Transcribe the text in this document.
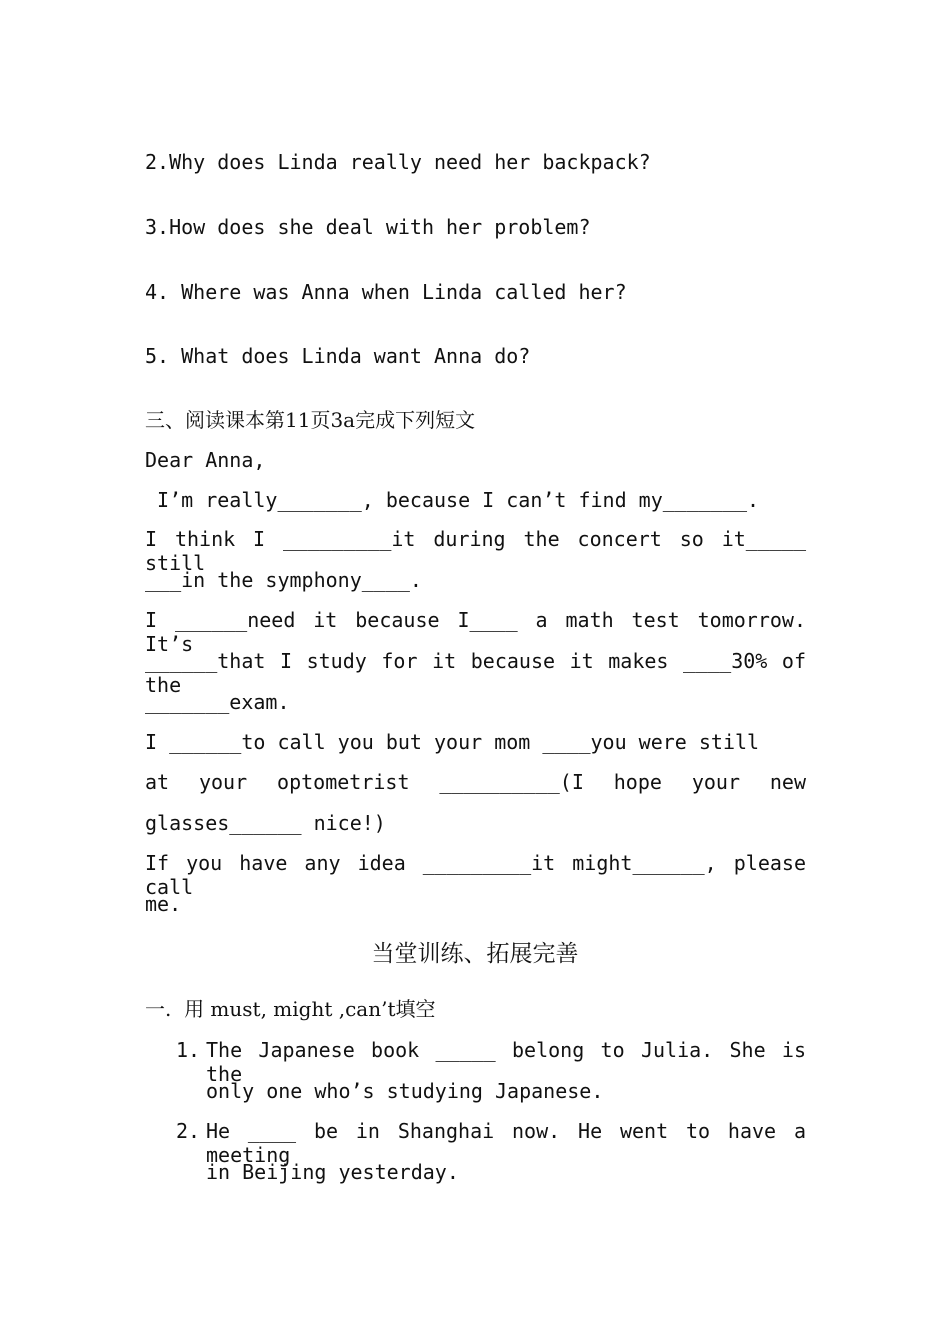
2.Why does Linda really need her backpack?
3.How does she deal with her problem?
4. Where was Anna when Linda called her?
5. What does Linda want Anna do?
三、阅读课本第11页3a完成下列短文
Dear Anna,
I’m really_______, because I can’t find my_______.
I think I _________it during the concert so it_____ still
___in the symphony____.
I ______need it because I____ a math test tomorrow. It’s
______that I study for it because it makes ____30% of the
_______exam.
I ______to call you but your mom ____you were still
at your optometrist __________(I hope your new
glasses______ nice!)
If you have any idea _________it might______, please call
me.
当堂训练、拓展完善
一.  用 must, might ,can’t填空
1. The Japanese book _____ belong to Julia. She is the
only one who’s studying Japanese.
2. He ____ be in Shanghai now. He went to have a meeting
in Beijing yesterday.
